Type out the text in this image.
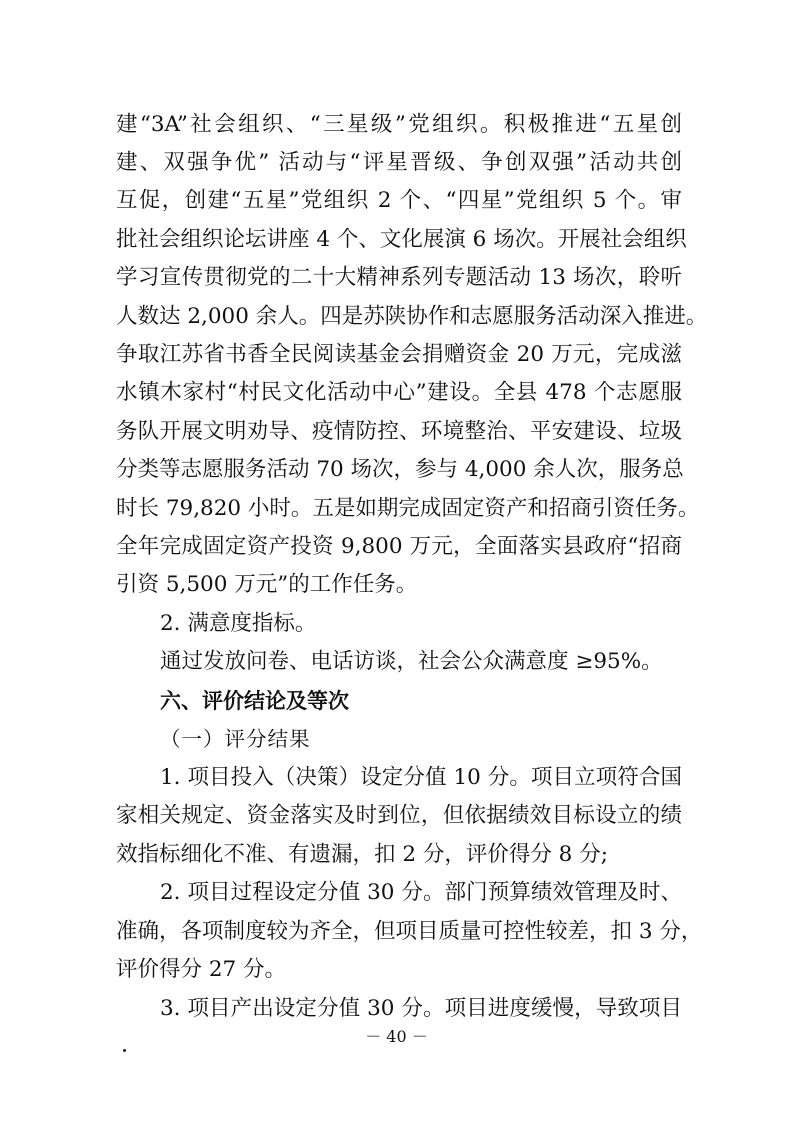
建“3A”社会组织、“三星级”党组织。积极推进“五星创
建、双强争优” 活动与“评星晋级、争创双强”活动共创
互促，创建“五星”党组织 2 个、“四星”党组织 5 个。审
批社会组织论坛讲座 4 个、文化展演 6 场次。开展社会组织
学习宣传贯彻党的二十大精神系列专题活动 13 场次，聆听
人数达 2,000 余人。四是苏陕协作和志愿服务活动深入推进。
争取江苏省书香全民阅读基金会捐赠资金 20 万元，完成滋
水镇木家村“村民文化活动中心”建设。全县 478 个志愿服
务队开展文明劝导、疫情防控、环境整治、平安建设、垃圾
分类等志愿服务活动 70 场次，参与 4,000 余人次，服务总
时长 79,820 小时。五是如期完成固定资产和招商引资任务。
全年完成固定资产投资 9,800 万元，全面落实县政府“招商
引资 5,500 万元”的工作任务。
2. 满意度指标。
通过发放问卷、电话访谈，社会公众满意度 ≥95%。
六、评价结论及等次
（一）评分结果
1. 项目投入（决策）设定分值 10 分。项目立项符合国
家相关规定、资金落实及时到位，但依据绩效目标设立的绩
效指标细化不准、有遗漏，扣 2 分，评价得分 8 分;
2. 项目过程设定分值 30 分。部门预算绩效管理及时、
准确，各项制度较为齐全，但项目质量可控性较差，扣 3 分，
评价得分 27 分。
3. 项目产出设定分值 30 分。项目进度缓慢，导致项目
－ 40 －
